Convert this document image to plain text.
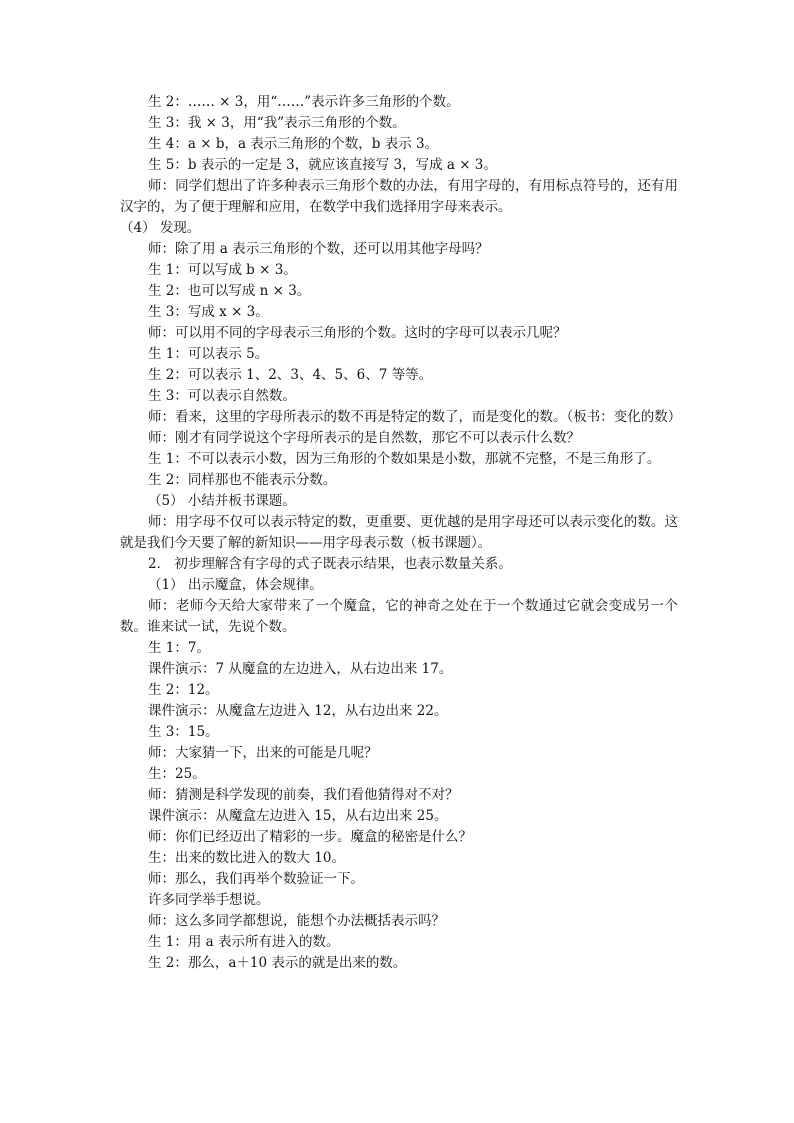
生 2：…… × 3，用“……”表示许多三角形的个数。
生 3：我 × 3，用“我”表示三角形的个数。
生 4：a × b，a 表示三角形的个数，b 表示 3。
生 5：b 表示的一定是 3，就应该直接写 3，写成 a × 3。
师：同学们想出了许多种表示三角形个数的办法，有用字母的，有用标点符号的，还有用汉字的，为了便于理解和应用，在数学中我们选择用字母来表示。
（4） 发现。
师：除了用 a 表示三角形的个数，还可以用其他字母吗？
生 1：可以写成 b × 3。
生 2：也可以写成 n × 3。
生 3：写成 x × 3。
师：可以用不同的字母表示三角形的个数。这时的字母可以表示几呢？
生 1：可以表示 5。
生 2：可以表示 1、2、3、4、5、6、7 等等。
生 3：可以表示自然数。
师：看来，这里的字母所表示的数不再是特定的数了，而是变化的数。（板书：变化的数）
师：刚才有同学说这个字母所表示的是自然数，那它不可以表示什么数？
生 1：不可以表示小数，因为三角形的个数如果是小数，那就不完整，不是三角形了。
生 2：同样那也不能表示分数。
（5） 小结并板书课题。
师：用字母不仅可以表示特定的数，更重要、更优越的是用字母还可以表示变化的数。这就是我们今天要了解的新知识——用字母表示数（板书课题）。
2． 初步理解含有字母的式子既表示结果，也表示数量关系。
（1） 出示魔盒，体会规律。
师：老师今天给大家带来了一个魔盒，它的神奇之处在于一个数通过它就会变成另一个数。谁来试一试，先说个数。
生 1：7。
课件演示：7 从魔盒的左边进入，从右边出来 17。
生 2：12。
课件演示：从魔盒左边进入 12，从右边出来 22。
生 3：15。
师：大家猜一下，出来的可能是几呢？
生：25。
师：猜测是科学发现的前奏，我们看他猜得对不对？
课件演示：从魔盒左边进入 15，从右边出来 25。
师：你们已经迈出了精彩的一步。魔盒的秘密是什么？
生：出来的数比进入的数大 10。
师：那么，我们再举个数验证一下。
许多同学举手想说。
师：这么多同学都想说，能想个办法概括表示吗？
生 1：用 a 表示所有进入的数。
生 2：那么，a＋10 表示的就是出来的数。
